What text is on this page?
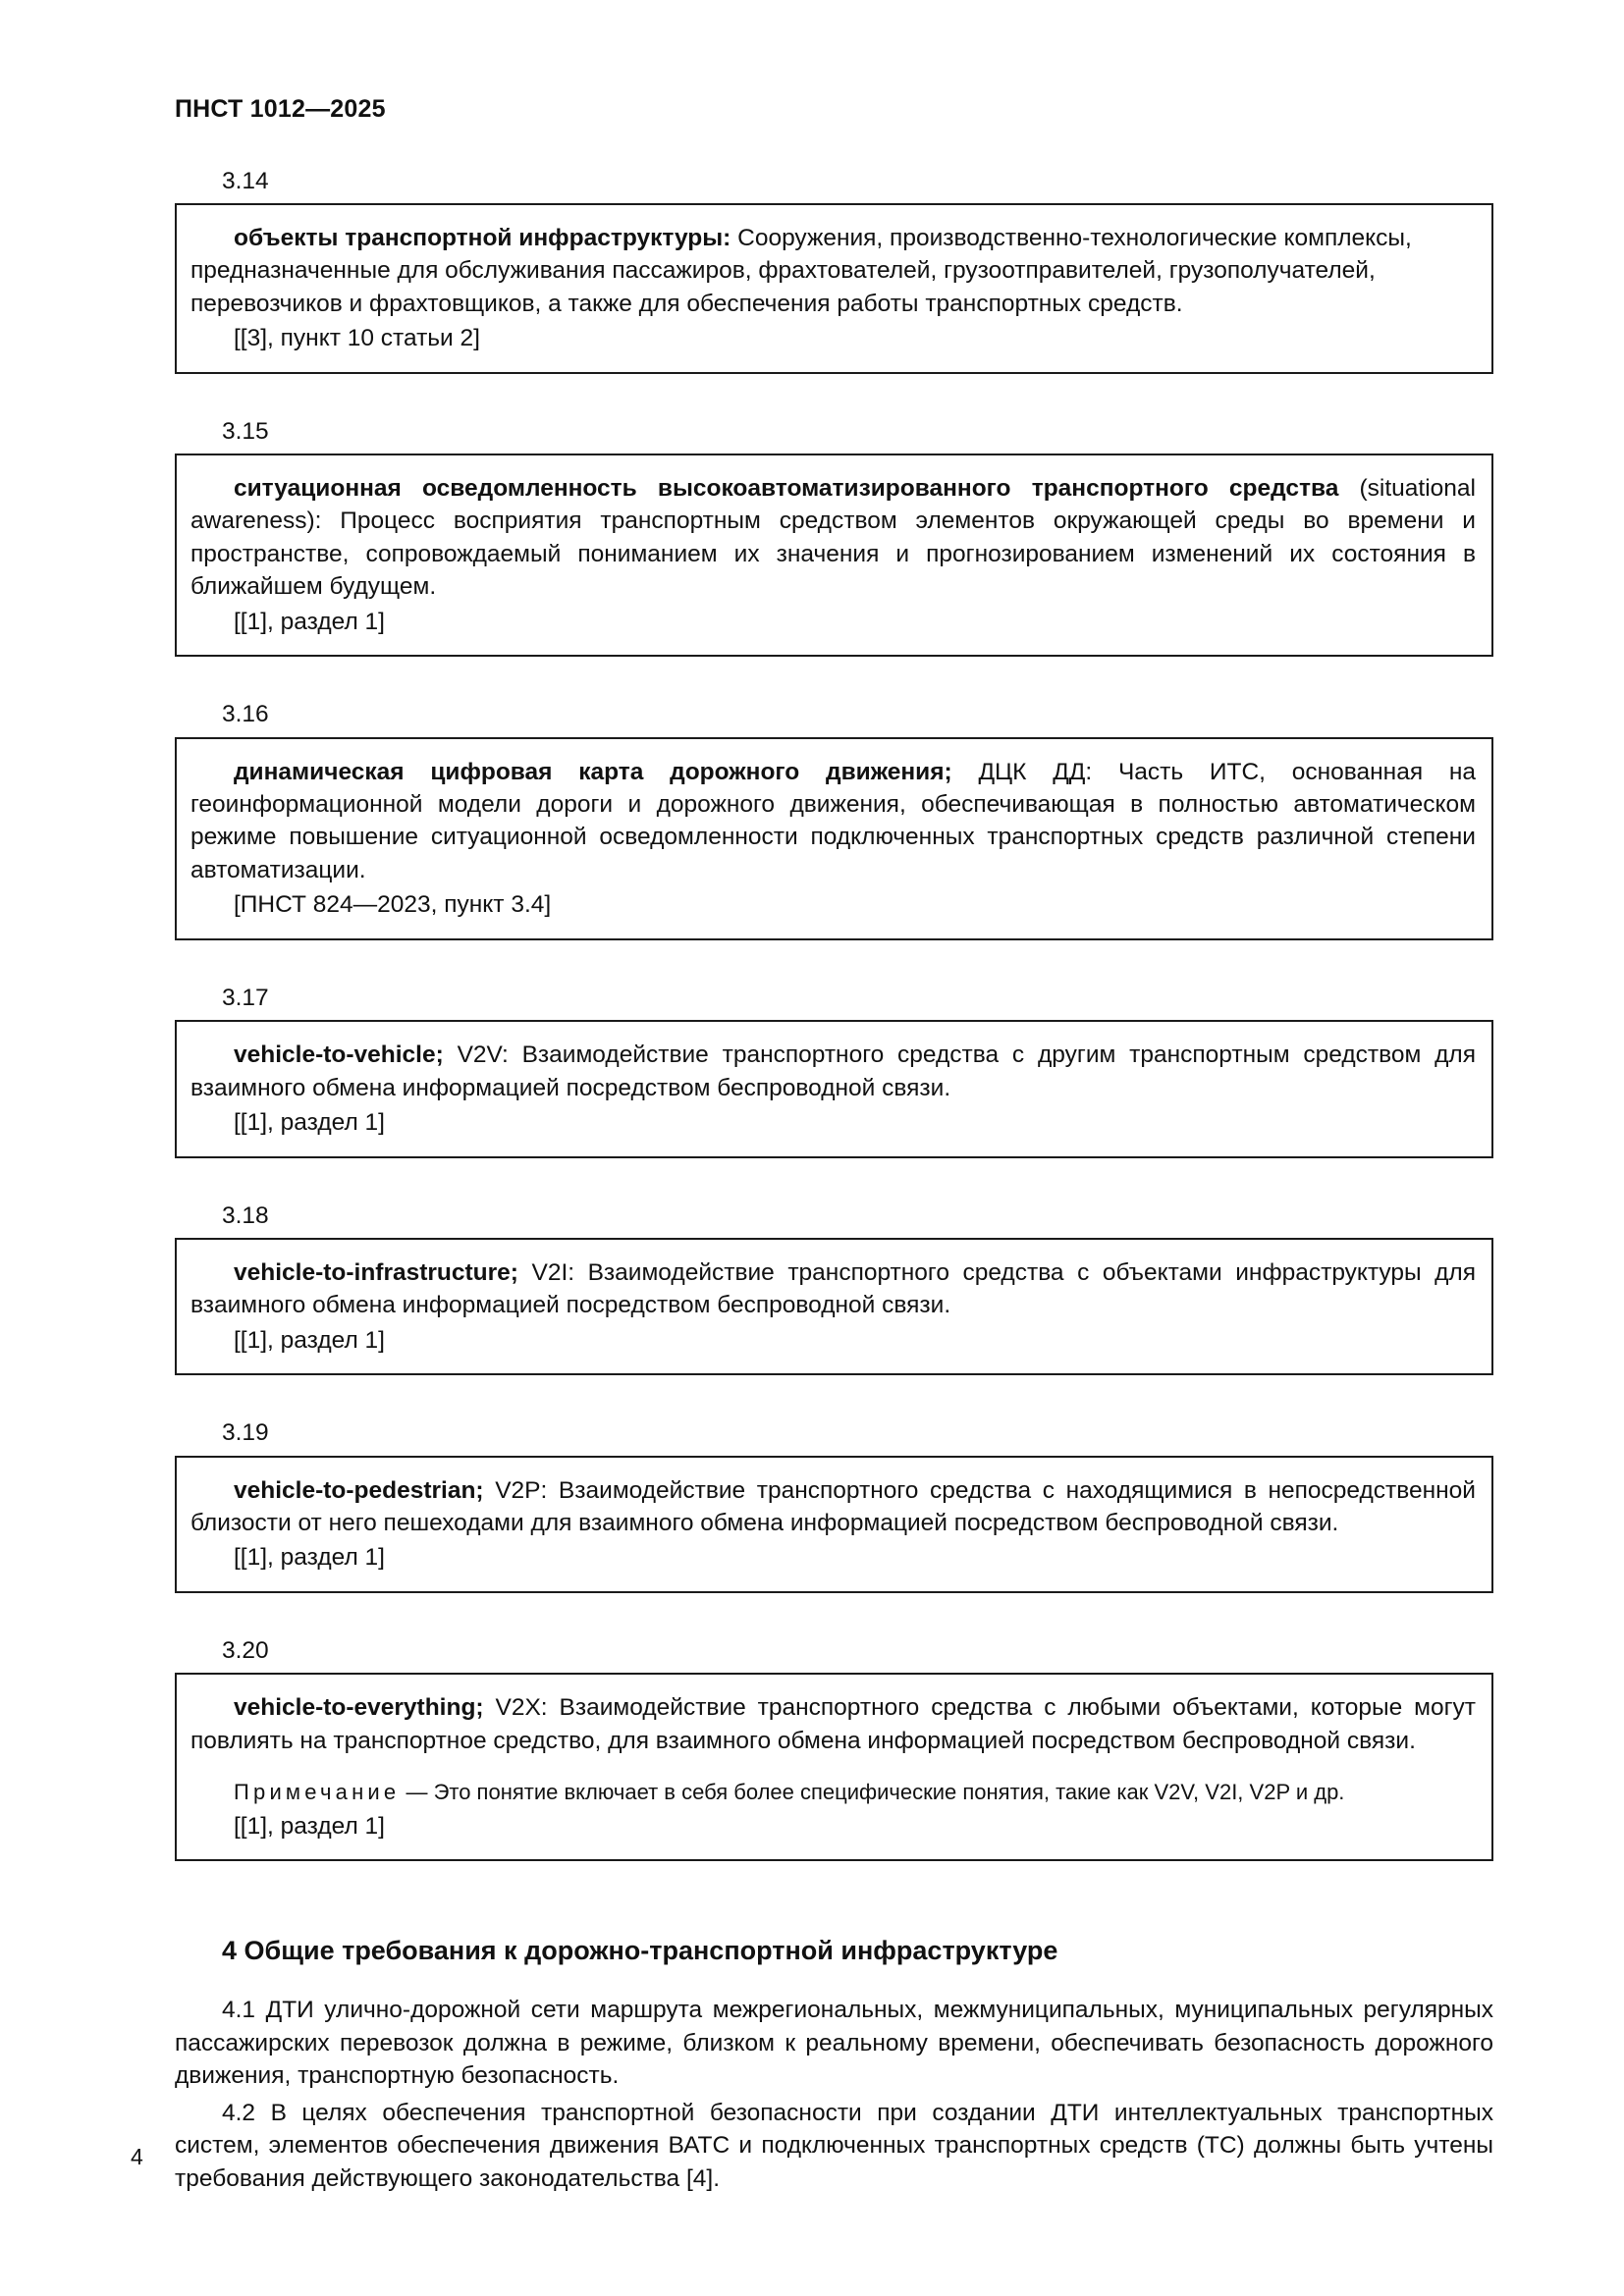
ПНСТ 1012—2025
3.14

объекты транспортной инфраструктуры: Сооружения, производственно-технологические комплексы, предназначенные для обслуживания пассажиров, фрахтователей, грузоотправителей, грузополучателей, перевозчиков и фрахтовщиков, а также для обеспечения работы транспортных средств.

[[3], пункт 10 статьи 2]

3.15

ситуационная осведомленность высокоавтоматизированного транспортного средства (situational awareness): Процесс восприятия транспортным средством элементов окружающей среды во времени и пространстве, сопровождаемый пониманием их значения и прогнозированием изменений их состояния в ближайшем будущем.

[[1], раздел 1]

3.16

динамическая цифровая карта дорожного движения; ДЦК ДД: Часть ИТС, основанная на геоинформационной модели дороги и дорожного движения, обеспечивающая в полностью автоматическом режиме повышение ситуационной осведомленности подключенных транспортных средств различной степени автоматизации.

[ПНСТ 824—2023, пункт 3.4]

3.17

vehicle-to-vehicle; V2V: Взаимодействие транспортного средства с другим транспортным средством для взаимного обмена информацией посредством беспроводной связи.

[[1], раздел 1]

3.18

vehicle-to-infrastructure; V2I: Взаимодействие транспортного средства с объектами инфраструктуры для взаимного обмена информацией посредством беспроводной связи.

[[1], раздел 1]

3.19

vehicle-to-pedestrian; V2P: Взаимодействие транспортного средства с находящимися в непосредственной близости от него пешеходами для взаимного обмена информацией посредством беспроводной связи.

[[1], раздел 1]

3.20

vehicle-to-everything; V2X: Взаимодействие транспортного средства с любыми объектами, которые могут повлиять на транспортное средство, для взаимного обмена информацией посредством беспроводной связи.

Примечание — Это понятие включает в себя более специфические понятия, такие как V2V, V2I, V2P и др.

[[1], раздел 1]

4 Общие требования к дорожно-транспортной инфраструктуре

4.1 ДТИ улично-дорожной сети маршрута межрегиональных, межмуниципальных, муниципальных регулярных пассажирских перевозок должна в режиме, близком к реальному времени, обеспечивать безопасность дорожного движения, транспортную безопасность.

4.2 В целях обеспечения транспортной безопасности при создании ДТИ интеллектуальных транспортных систем, элементов обеспечения движения ВАТС и подключенных транспортных средств (ТС) должны быть учтены требования действующего законодательства [4].

4
